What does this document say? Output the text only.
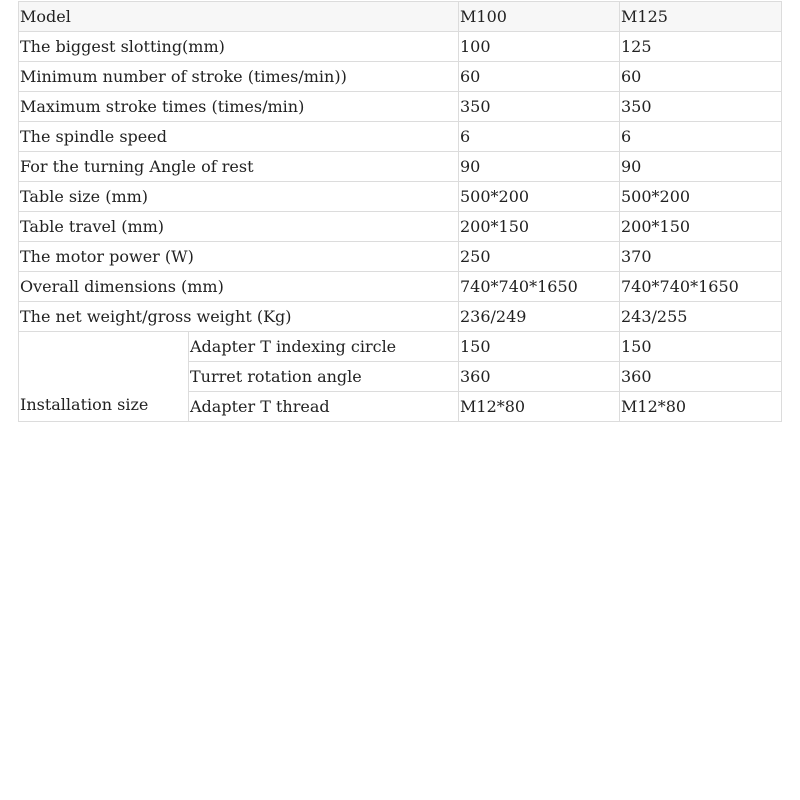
Model		M100	M125
The biggest slotting(mm)		100	125
Minimum number of stroke (times/min))		60	60
Maximum stroke times (times/min)		350	350
The spindle speed		6	6
For the turning Angle of rest		90	90
Table size (mm)		500*200	500*200
Table travel (mm)		200*150	200*150
The motor power (W)		250	370
Overall dimensions (mm)		740*740*1650	740*740*1650
The net weight/gross weight (Kg)		236/249	243/255
Installation size	Adapter T indexing circle	150	150
	Turret rotation angle	360	360
	Adapter T thread	M12*80	M12*80
